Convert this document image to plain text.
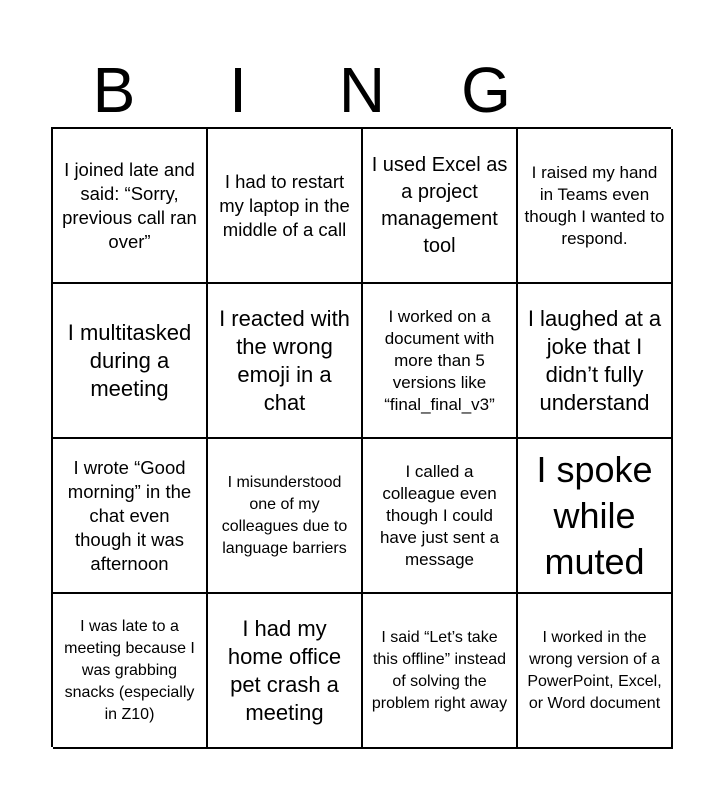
B	I	N	G
I joined late and said: “Sorry, previous call ran over”
I had to restart my laptop in the middle of a call
I used Excel as a project management tool
I raised my hand in Teams even though I wanted to respond.
I multitasked during a meeting
I reacted with the wrong emoji in a chat
I worked on a document with more than 5 versions like “final_final_v3”
I laughed at a joke that I didn’t fully understand
I wrote “Good morning” in the chat even though it was afternoon
I misunderstood one of my colleagues due to language barriers
I called a colleague even though I could have just sent a message
I spoke while muted
I was late to a meeting because I was grabbing snacks (especially in Z10)
I had my home office pet crash a meeting
I said “Let’s take this offline” instead of solving the problem right away
I worked in the wrong version of a PowerPoint, Excel, or Word document
